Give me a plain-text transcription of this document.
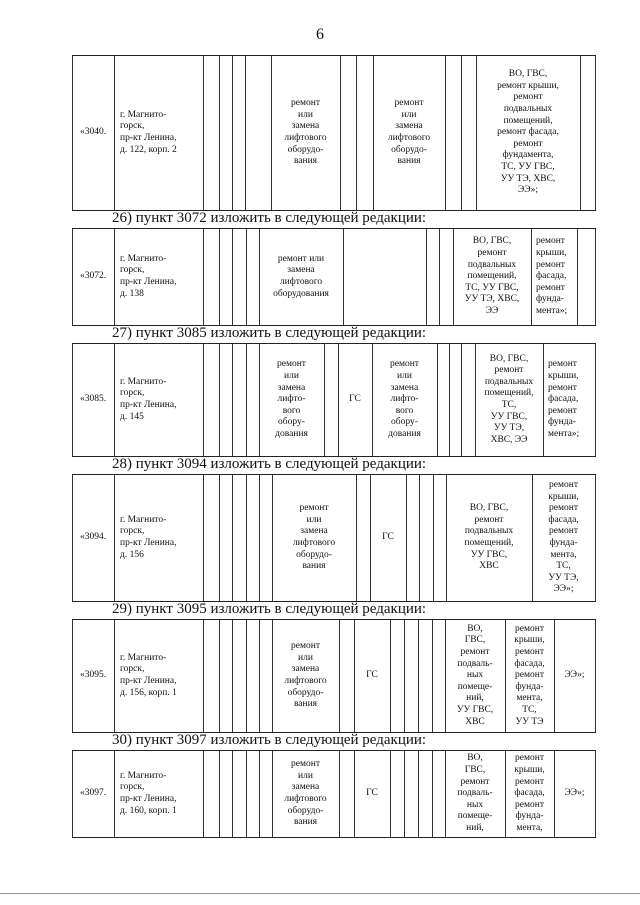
6
«3040.
г. Магнито-
горск,
пр-кт Ленина,
д. 122, корп. 2
ремонт
или
замена
лифтового
оборудо-
вания
ремонт
или
замена
лифтового
оборудо-
вания
ВО, ГВС,
ремонт крыши,
ремонт
подвальных
помещений,
ремонт фасада,
ремонт
фундамента,
ТС, УУ ГВС,
УУ ТЭ, ХВС,
ЭЭ»;
26) пункт 3072 изложить в следующей редакции:
«3072.
г. Магнито-
горск,
пр-кт Ленина,
д. 138
ремонт или
замена
лифтового
оборудования
ВО, ГВС,
ремонт
подвальных
помещений,
ТС, УУ ГВС,
УУ ТЭ, ХВС,
ЭЭ
ремонт
крыши,
ремонт
фасада,
ремонт
фунда-
мента»;
27) пункт 3085 изложить в следующей редакции:
«3085.
г. Магнито-
горск,
пр-кт Ленина,
д. 145
ремонт
или
замена
лифто-
вого
обору-
дования
ГС
ремонт
или
замена
лифто-
вого
обору-
дования
ВО, ГВС,
ремонт
подвальных
помещений,
ТС,
УУ ГВС,
УУ ТЭ,
ХВС, ЭЭ
ремонт
крыши,
ремонт
фасада,
ремонт
фунда-
мента»;
28) пункт 3094 изложить в следующей редакции:
«3094.
г. Магнито-
горск,
пр-кт Ленина,
д. 156
ремонт
или
замена
лифтового
оборудо-
вания
ГС
ВО, ГВС,
ремонт
подвальных
помещений,
УУ ГВС,
ХВС
ремонт
крыши,
ремонт
фасада,
ремонт
фунда-
мента,
ТС,
УУ ТЭ,
ЭЭ»;
29) пункт 3095 изложить в следующей редакции:
«3095.
г. Магнито-
горск,
пр-кт Ленина,
д. 156, корп. 1
ремонт
или
замена
лифтового
оборудо-
вания
ГС
ВО,
ГВС,
ремонт
подваль-
ных
помеще-
ний,
УУ ГВС,
ХВС
ремонт
крыши,
ремонт
фасада,
ремонт
фунда-
мента,
ТС,
УУ ТЭ
ЭЭ»;
30) пункт 3097 изложить в следующей редакции:
«3097.
г. Магнито-
горск,
пр-кт Ленина,
д. 160, корп. 1
ремонт
или
замена
лифтового
оборудо-
вания
ГС
ВО,
ГВС,
ремонт
подваль-
ных
помеще-
ний,
ремонт
крыши,
ремонт
фасада,
ремонт
фунда-
мента,
ЭЭ»;
